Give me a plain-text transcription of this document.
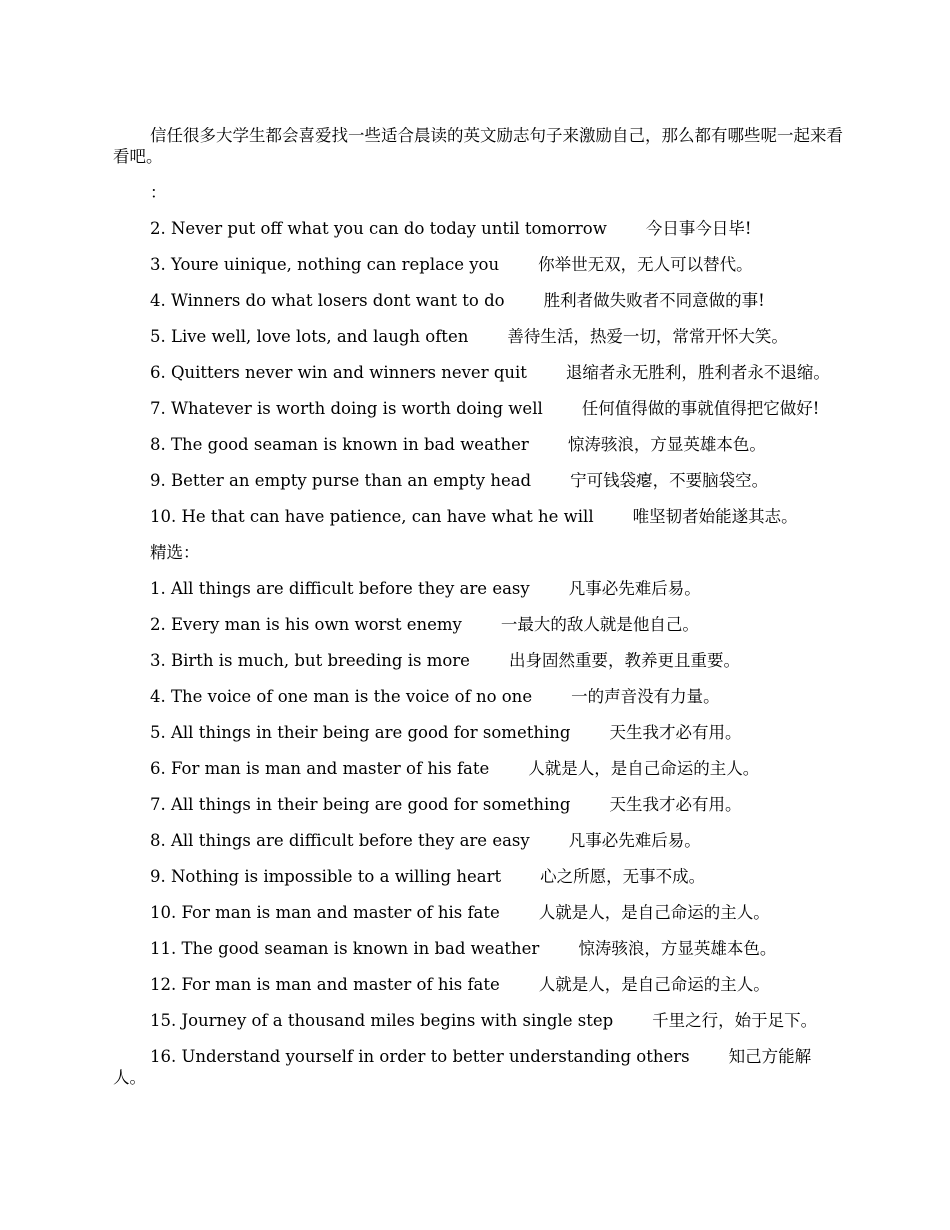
信任很多大学生都会喜爱找一些适合晨读的英文励志句子来激励自己，那么都有哪些呢一起来看看吧。

：

2. Never put off what you can do today until tomorrow 今日事今日毕!

3. Youre uinique, nothing can replace you 你举世无双，无人可以替代。

4. Winners do what losers dont want to do 胜利者做失败者不同意做的事!

5. Live well, love lots, and laugh often 善待生活，热爱一切，常常开怀大笑。

6. Quitters never win and winners never quit 退缩者永无胜利，胜利者永不退缩。

7. Whatever is worth doing is worth doing well 任何值得做的事就值得把它做好!

8. The good seaman is known in bad weather 惊涛骇浪，方显英雄本色。

9. Better an empty purse than an empty head 宁可钱袋瘪，不要脑袋空。

10. He that can have patience, can have what he will 唯坚韧者始能遂其志。

精选：

1. All things are difficult before they are easy 凡事必先难后易。

2. Every man is his own worst enemy 一最大的敌人就是他自己。

3. Birth is much, but breeding is more 出身固然重要，教养更且重要。

4. The voice of one man is the voice of no one 一的声音没有力量。

5. All things in their being are good for something 天生我才必有用。

6. For man is man and master of his fate 人就是人，是自己命运的主人。

7. All things in their being are good for something 天生我才必有用。

8. All things are difficult before they are easy 凡事必先难后易。

9. Nothing is impossible to a willing heart 心之所愿，无事不成。

10. For man is man and master of his fate 人就是人，是自己命运的主人。

11. The good seaman is known in bad weather 惊涛骇浪，方显英雄本色。

12. For man is man and master of his fate 人就是人，是自己命运的主人。

15. Journey of a thousand miles begins with single step 千里之行，始于足下。

16. Understand yourself in order to better understanding others 知己方能解人。
